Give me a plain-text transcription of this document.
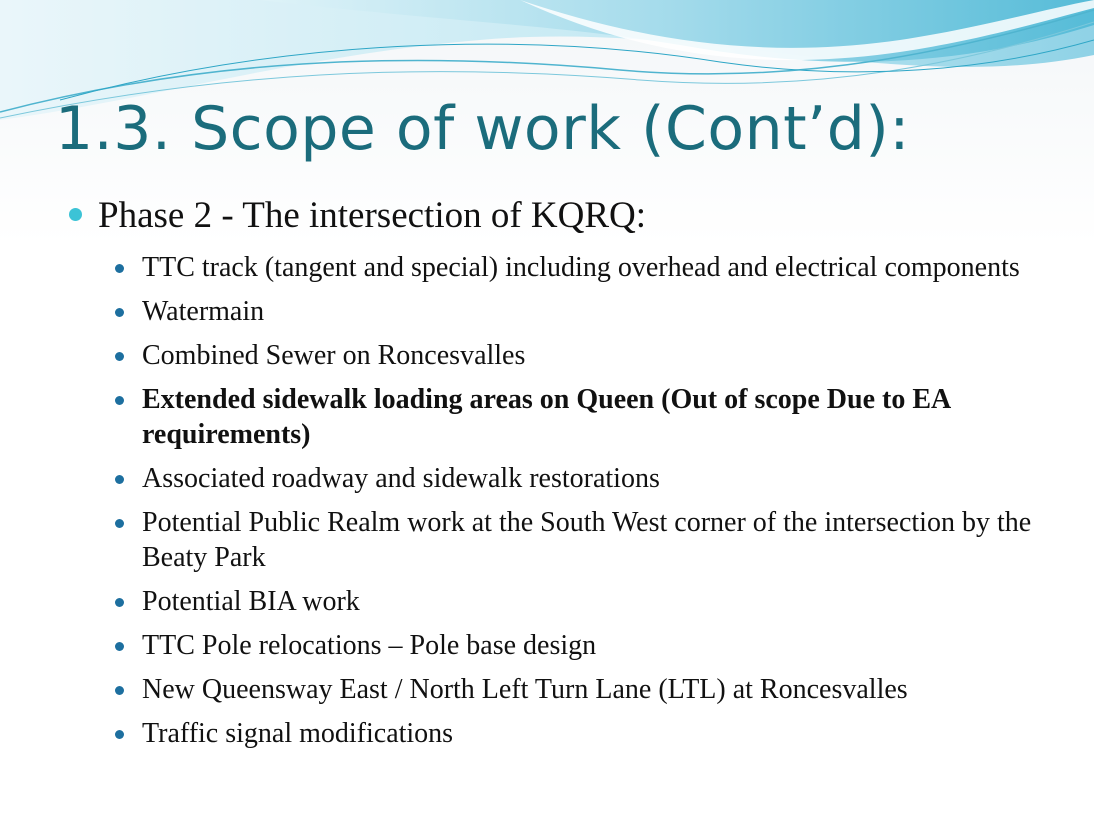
1.3. Scope of work (Cont’d):
Phase 2 - The intersection of KQRQ:
TTC track (tangent and special) including overhead and electrical components
Watermain
Combined Sewer on Roncesvalles
Extended sidewalk loading areas on Queen (Out of scope Due to EA requirements)
Associated roadway and sidewalk restorations
Potential Public Realm work at the South West corner of the intersection by the Beaty Park
Potential BIA work
TTC Pole relocations – Pole base design
New Queensway East / North Left Turn Lane (LTL) at Roncesvalles
Traffic signal modifications
